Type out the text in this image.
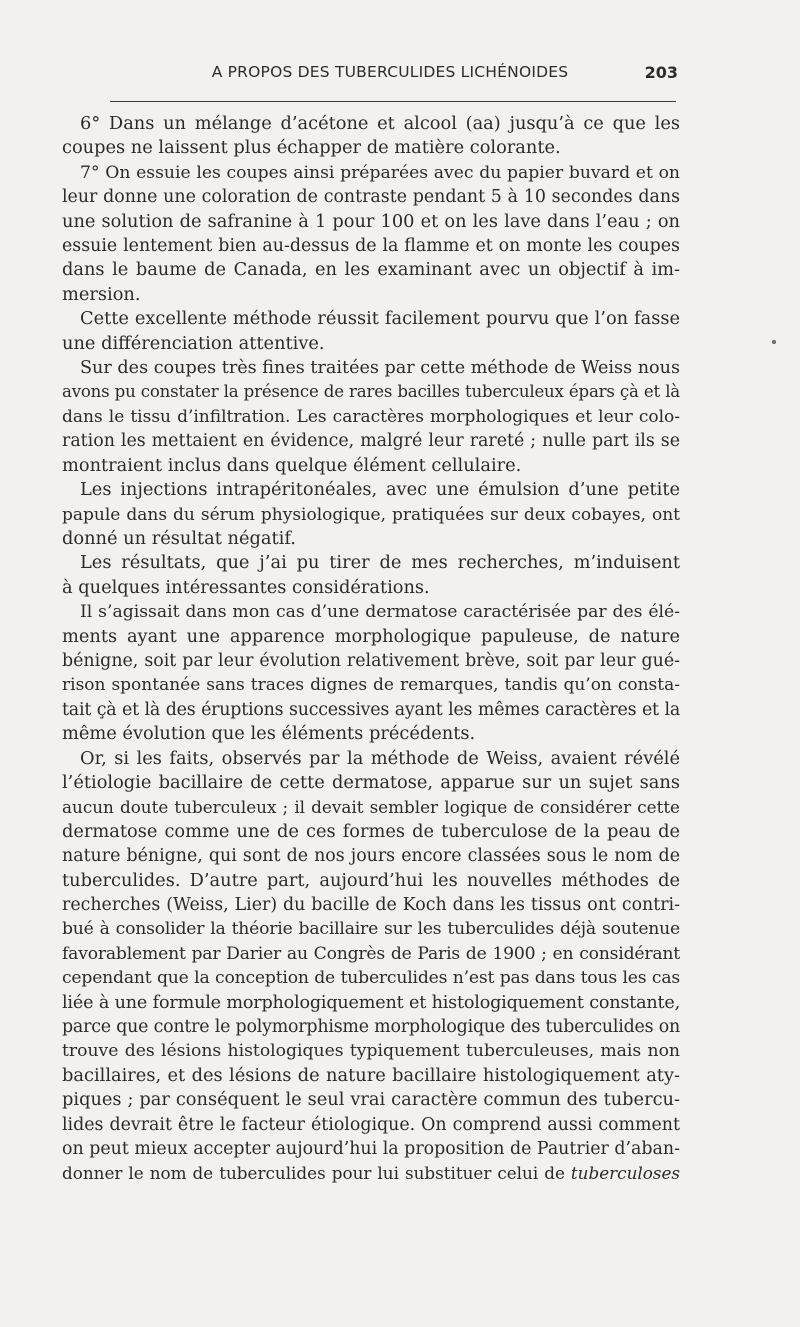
A PROPOS DES TUBERCULIDES LICHÉNOIDES	203
6° Dans un mélange d’acétone et alcool (aa) jusqu’à ce que les
coupes ne laissent plus échapper de matière colorante.
7° On essuie les coupes ainsi préparées avec du papier buvard et on
leur donne une coloration de contraste pendant 5 à 10 secondes dans
une solution de safranine à 1 pour 100 et on les lave dans l’eau ; on
essuie lentement bien au-dessus de la flamme et on monte les coupes
dans le baume de Canada, en les examinant avec un objectif à im-
mersion.
Cette excellente méthode réussit facilement pourvu que l’on fasse
une différenciation attentive.
Sur des coupes très fines traitées par cette méthode de Weiss nous
avons pu constater la présence de rares bacilles tuberculeux épars çà et là
dans le tissu d’infiltration. Les caractères morphologiques et leur colo-
ration les mettaient en évidence, malgré leur rareté ; nulle part ils se
montraient inclus dans quelque élément cellulaire.
Les injections intrapéritonéales, avec une émulsion d’une petite
papule dans du sérum physiologique, pratiquées sur deux cobayes, ont
donné un résultat négatif.
Les résultats, que j’ai pu tirer de mes recherches, m’induisent
à quelques intéressantes considérations.
Il s’agissait dans mon cas d’une dermatose caractérisée par des élé-
ments ayant une apparence morphologique papuleuse, de nature
bénigne, soit par leur évolution relativement brève, soit par leur gué-
rison spontanée sans traces dignes de remarques, tandis qu’on consta-
tait çà et là des éruptions successives ayant les mêmes caractères et la
même évolution que les éléments précédents.
Or, si les faits, observés par la méthode de Weiss, avaient révélé
l’étiologie bacillaire de cette dermatose, apparue sur un sujet sans
aucun doute tuberculeux ; il devait sembler logique de considérer cette
dermatose comme une de ces formes de tuberculose de la peau de
nature bénigne, qui sont de nos jours encore classées sous le nom de
tuberculides. D’autre part, aujourd’hui les nouvelles méthodes de
recherches (Weiss, Lier) du bacille de Koch dans les tissus ont contri-
bué à consolider la théorie bacillaire sur les tuberculides déjà soutenue
favorablement par Darier au Congrès de Paris de 1900 ; en considérant
cependant que la conception de tuberculides n’est pas dans tous les cas
liée à une formule morphologiquement et histologiquement constante,
parce que contre le polymorphisme morphologique des tuberculides on
trouve des lésions histologiques typiquement tuberculeuses, mais non
bacillaires, et des lésions de nature bacillaire histologiquement aty-
piques ; par conséquent le seul vrai caractère commun des tubercu-
lides devrait être le facteur étiologique. On comprend aussi comment
on peut mieux accepter aujourd’hui la proposition de Pautrier d’aban-
donner le nom de tuberculides pour lui substituer celui de tuberculoses
